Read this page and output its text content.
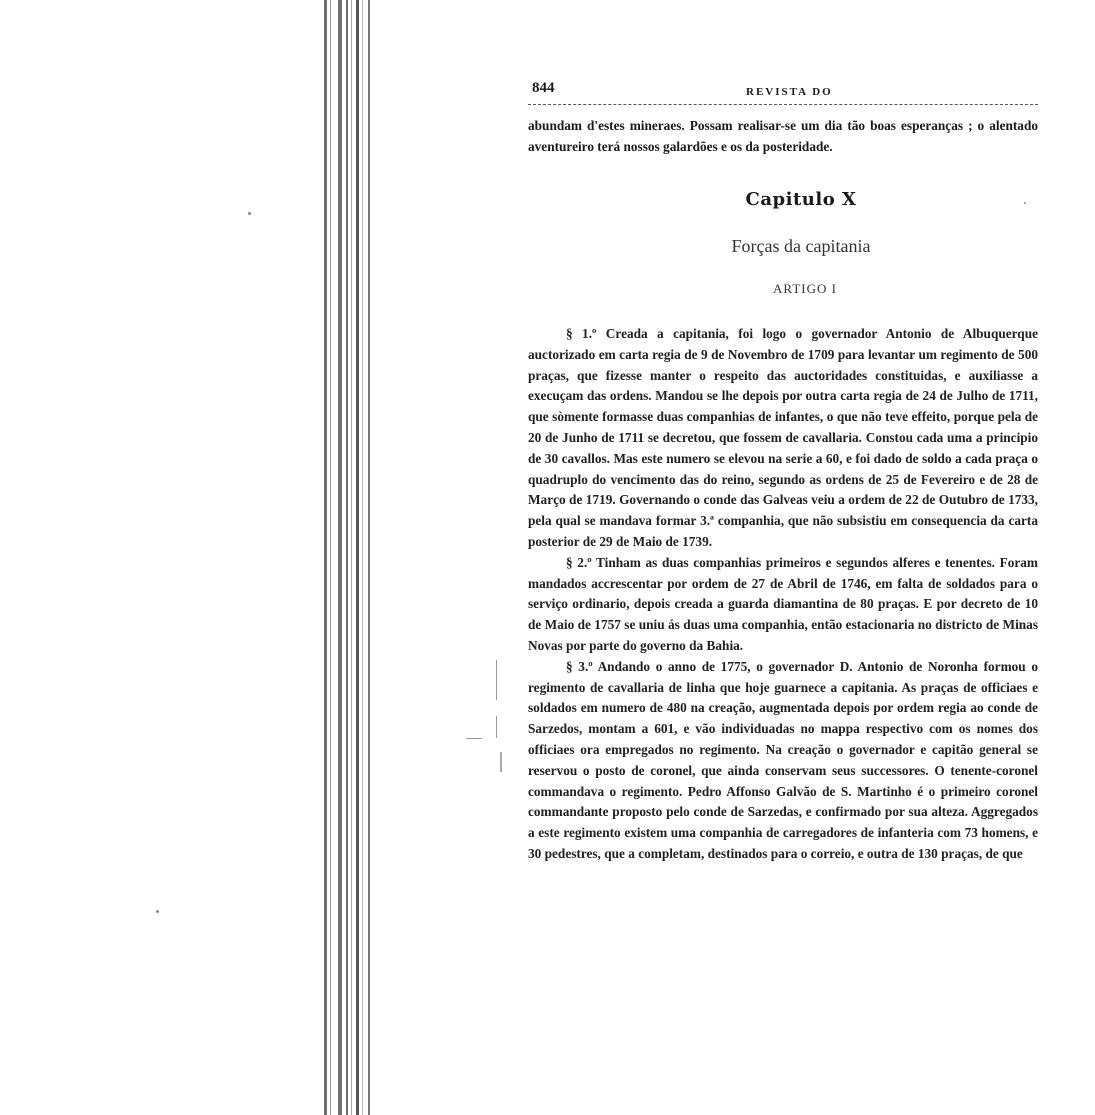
844	REVISTA DO

abundam d'estes mineraes. Possam realisar-se um dia tão boas esperanças ; o alentado aventureiro terá nossos galardões e os da posteridade.

Capitulo X
Forças da capitania
ARTIGO I

§ 1.º Creada a capitania, foi logo o governador Antonio de Albuquerque auctorizado em carta regia de 9 de Novembro de 1709 para levantar um regimento de 500 praças, que fizesse manter o respeito das auctoridades constituidas, e auxiliasse a execuçam das ordens. Mandou se lhe depois por outra carta regia de 24 de Julho de 1711, que sòmente formasse duas companhias de infantes, o que não teve effeito, porque pela de 20 de Junho de 1711 se decretou, que fossem de cavallaria. Constou cada uma a principio de 30 cavallos. Mas este numero se elevou na serie a 60, e foi dado de soldo a cada praça o quadruplo do vencimento das do reino, segundo as ordens de 25 de Fevereiro e de 28 de Março de 1719. Governando o conde das Galveas veiu a ordem de 22 de Outubro de 1733, pela qual se mandava formar 3.ª companhia, que não subsistiu em consequencia da carta posterior de 29 de Maio de 1739.

§ 2.º Tinham as duas companhias primeiros e segundos alferes e tenentes. Foram mandados accrescentar por ordem de 27 de Abril de 1746, em falta de soldados para o serviço ordinario, depois creada a guarda diamantina de 80 praças. E por decreto de 10 de Maio de 1757 se uniu ás duas uma companhia, então estacionaria no districto de Minas Novas por parte do governo da Bahia.

§ 3.º Andando o anno de 1775, o governador D. Antonio de Noronha formou o regimento de cavallaria de linha que hoje guarnece a capitania. As praças de officiaes e soldados em numero de 480 na creação, augmentada depois por ordem regia ao conde de Sarzedos, montam a 601, e vão individuadas no mappa respectivo com os nomes dos officiaes ora empregados no regimento. Na creação o governador e capitão general se reservou o posto de coronel, que ainda conservam seus successores. O tenente-coronel commandava o regimento. Pedro Affonso Galvão de S. Martinho é o primeiro coronel commandante proposto pelo conde de Sarzedas, e confirmado por sua alteza. Aggregados a este regimento existem uma companhia de carregadores de infanteria com 73 homens, e 30 pedestres, que a completam, destinados para o correio, e outra de 130 praças, de que
